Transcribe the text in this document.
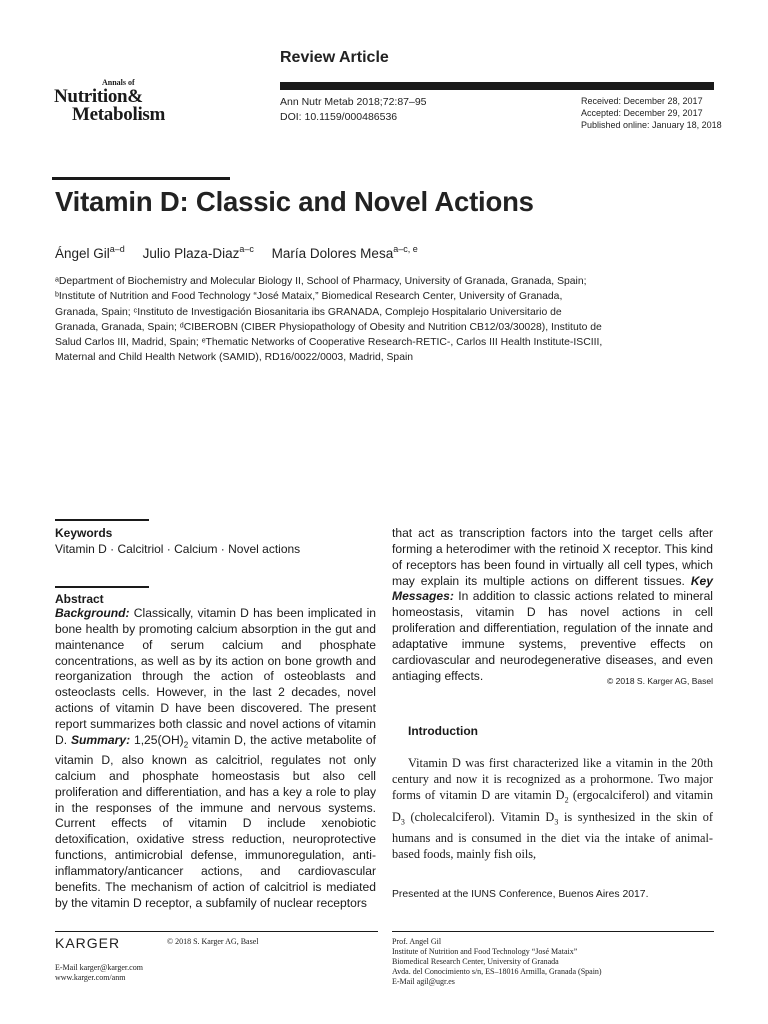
Review Article
Annals of
Nutrition&
Metabolism
Ann Nutr Metab 2018;72:87–95
DOI: 10.1159/000486536
Received: December 28, 2017
Accepted: December 29, 2017
Published online: January 18, 2018
Vitamin D: Classic and Novel Actions
Ángel Gil$^{a-d}$ Julio Plaza-Diaz$^{a-c}$ María Dolores Mesa$^{a-c, e}$
ᵃDepartment of Biochemistry and Molecular Biology II, School of Pharmacy, University of Granada, Granada, Spain;
ᵇInstitute of Nutrition and Food Technology “José Mataix,” Biomedical Research Center, University of Granada,
Granada, Spain; ᶜInstituto de Investigación Biosanitaria ibs GRANADA, Complejo Hospitalario Universitario de
Granada, Granada, Spain; ᵈCIBEROBN (CIBER Physiopathology of Obesity and Nutrition CB12/03/30028), Instituto de
Salud Carlos III, Madrid, Spain; ᵉThematic Networks of Cooperative Research-RETIC-, Carlos III Health Institute-ISCIII,
Maternal and Child Health Network (SAMID), RD16/0022/0003, Madrid, Spain
Keywords
Vitamin D · Calcitriol · Calcium · Novel actions
Abstract
Background: Classically, vitamin D has been implicated in bone health by promoting calcium absorption in the gut and maintenance of serum calcium and phosphate concentrations, as well as by its action on bone growth and reorganization through the action of osteoblasts and osteoclasts cells. However, in the last 2 decades, novel actions of vitamin D have been discovered. The present report summarizes both classic and novel actions of vitamin D. Summary: $1,25(OH)_2$ vitamin D, the active metabolite of vitamin D, also known as calcitriol, regulates not only calcium and phosphate homeostasis but also cell proliferation and differentiation, and has a key a role to play in the responses of the immune and nervous systems. Current effects of vitamin D include xenobiotic detoxification, oxidative stress reduction, neuroprotective functions, antimicrobial defense, immunoregulation, anti-inflammatory/anticancer actions, and cardiovascular benefits. The mechanism of action of calcitriol is mediated by the vitamin D receptor, a subfamily of nuclear receptors
that act as transcription factors into the target cells after forming a heterodimer with the retinoid X receptor. This kind of receptors has been found in virtually all cell types, which may explain its multiple actions on different tissues. Key Messages: In addition to classic actions related to mineral homeostasis, vitamin D has novel actions in cell proliferation and differentiation, regulation of the innate and adaptative immune systems, preventive effects on cardiovascular and neurodegenerative diseases, and even antiaging effects.	© 2018 S. Karger AG, Basel
Introduction

Vitamin D was first characterized like a vitamin in the 20th century and now it is recognized as a prohormone. Two major forms of vitamin D are vitamin $D_2$ (ergocalciferol) and vitamin $D_3$ (cholecalciferol). Vitamin $D_3$ is synthesized in the skin of humans and is consumed in the diet via the intake of animal-based foods, mainly fish oils,

Presented at the IUNS Conference, Buenos Aires 2017.
KARGER	© 2018 S. Karger AG, Basel
E-Mail karger@karger.com
www.karger.com/anm
Prof. Angel Gil
Institute of Nutrition and Food Technology “José Mataix”
Biomedical Research Center, University of Granada
Avda. del Conocimiento s/n, ES–18016 Armilla, Granada (Spain)
E-Mail agil@ugr.es
